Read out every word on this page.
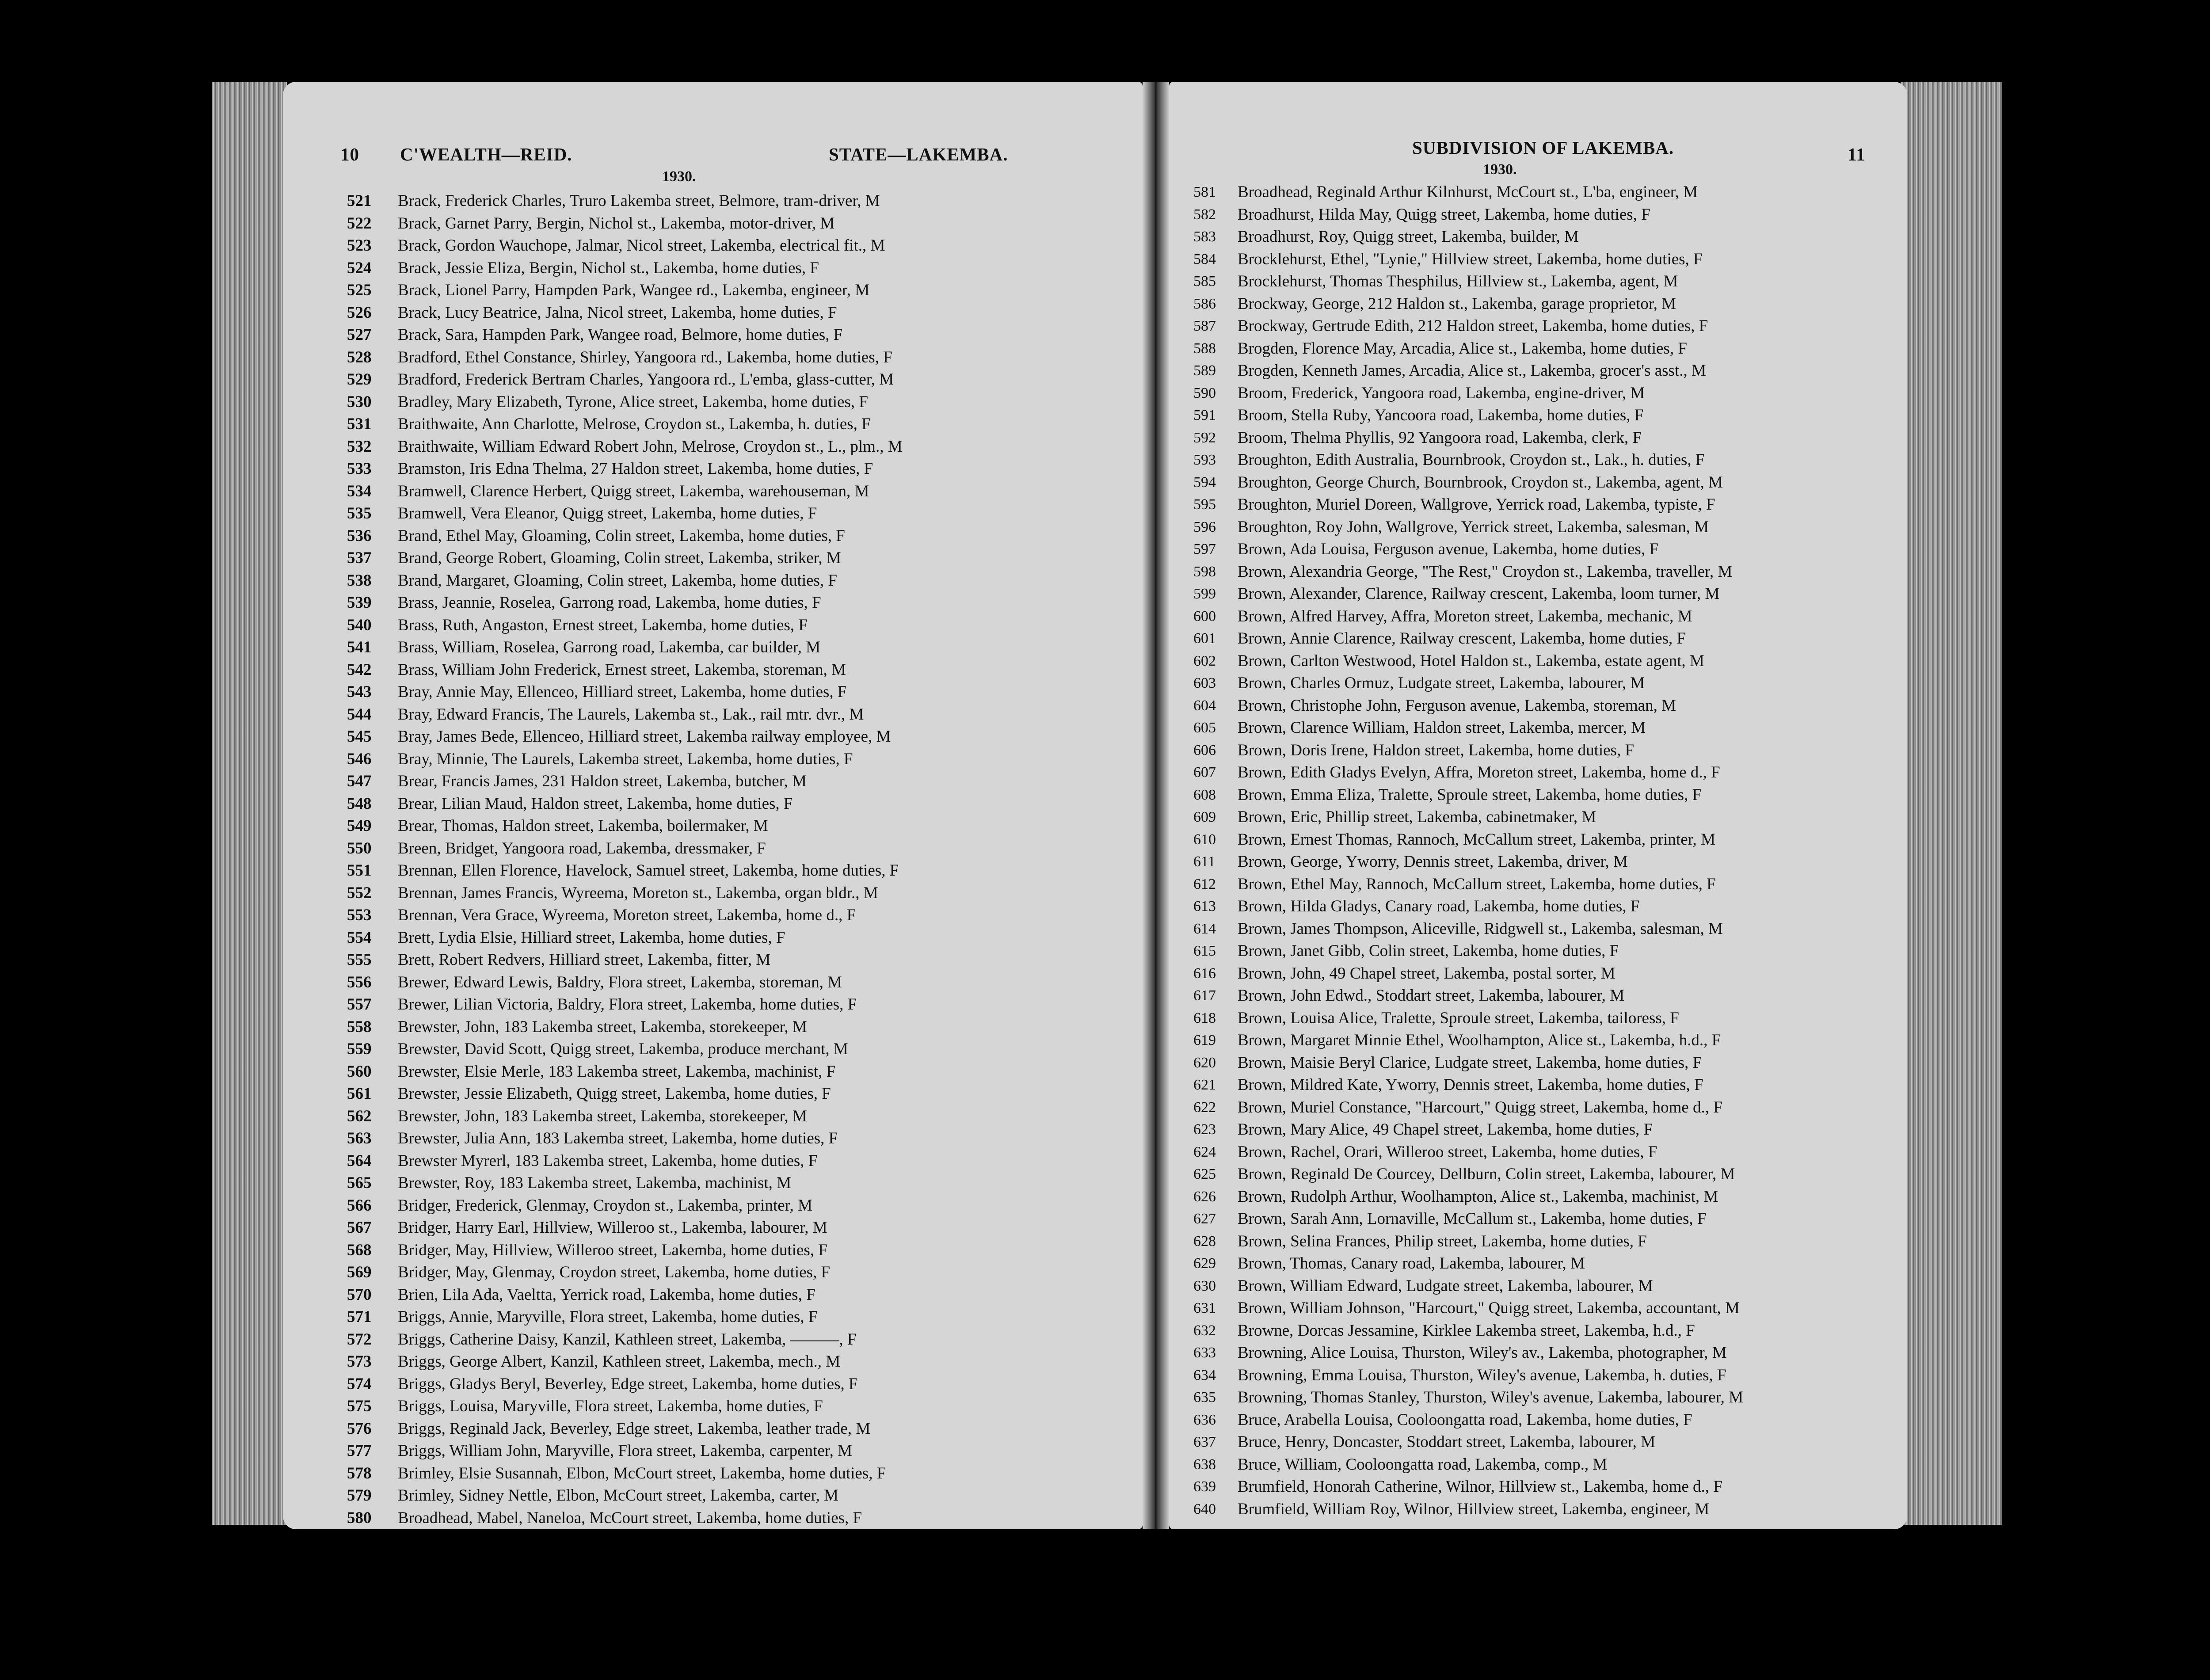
10 C'WEALTH—REID.	STATE—LAKEMBA.
1930.
521	Brack, Frederick Charles, Truro Lakemba street, Belmore, tram-driver, M
522	Brack, Garnet Parry, Bergin, Nichol st., Lakemba, motor-driver, M
523	Brack, Gordon Wauchope, Jalmar, Nicol street, Lakemba, electrical fit., M
524	Brack, Jessie Eliza, Bergin, Nichol st., Lakemba, home duties, F
525	Brack, Lionel Parry, Hampden Park, Wangee rd., Lakemba, engineer, M
526	Brack, Lucy Beatrice, Jalna, Nicol street, Lakemba, home duties, F
527	Brack, Sara, Hampden Park, Wangee road, Belmore, home duties, F
528	Bradford, Ethel Constance, Shirley, Yangoora rd., Lakemba, home duties, F
529	Bradford, Frederick Bertram Charles, Yangoora rd., L'emba, glass-cutter, M
530	Bradley, Mary Elizabeth, Tyrone, Alice street, Lakemba, home duties, F
531	Braithwaite, Ann Charlotte, Melrose, Croydon st., Lakemba, h. duties, F
532	Braithwaite, William Edward Robert John, Melrose, Croydon st., L., plm., M
533	Bramston, Iris Edna Thelma, 27 Haldon street, Lakemba, home duties, F
534	Bramwell, Clarence Herbert, Quigg street, Lakemba, warehouseman, M
535	Bramwell, Vera Eleanor, Quigg street, Lakemba, home duties, F
536	Brand, Ethel May, Gloaming, Colin street, Lakemba, home duties, F
537	Brand, George Robert, Gloaming, Colin street, Lakemba, striker, M
538	Brand, Margaret, Gloaming, Colin street, Lakemba, home duties, F
539	Brass, Jeannie, Roselea, Garrong road, Lakemba, home duties, F
540	Brass, Ruth, Angaston, Ernest street, Lakemba, home duties, F
541	Brass, William, Roselea, Garrong road, Lakemba, car builder, M
542	Brass, William John Frederick, Ernest street, Lakemba, storeman, M
543	Bray, Annie May, Ellenceo, Hilliard street, Lakemba, home duties, F
544	Bray, Edward Francis, The Laurels, Lakemba st., Lak., rail mtr. dvr., M
545	Bray, James Bede, Ellenceo, Hilliard street, Lakemba railway employee, M
546	Bray, Minnie, The Laurels, Lakemba street, Lakemba, home duties, F
547	Brear, Francis James, 231 Haldon street, Lakemba, butcher, M
548	Brear, Lilian Maud, Haldon street, Lakemba, home duties, F
549	Brear, Thomas, Haldon street, Lakemba, boilermaker, M
550	Breen, Bridget, Yangoora road, Lakemba, dressmaker, F
551	Brennan, Ellen Florence, Havelock, Samuel street, Lakemba, home duties, F
552	Brennan, James Francis, Wyreema, Moreton st., Lakemba, organ bldr., M
553	Brennan, Vera Grace, Wyreema, Moreton street, Lakemba, home d., F
554	Brett, Lydia Elsie, Hilliard street, Lakemba, home duties, F
555	Brett, Robert Redvers, Hilliard street, Lakemba, fitter, M
556	Brewer, Edward Lewis, Baldry, Flora street, Lakemba, storeman, M
557	Brewer, Lilian Victoria, Baldry, Flora street, Lakemba, home duties, F
558	Brewster, John, 183 Lakemba street, Lakemba, storekeeper, M
559	Brewster, David Scott, Quigg street, Lakemba, produce merchant, M
560	Brewster, Elsie Merle, 183 Lakemba street, Lakemba, machinist, F
561	Brewster, Jessie Elizabeth, Quigg street, Lakemba, home duties, F
562	Brewster, John, 183 Lakemba street, Lakemba, storekeeper, M
563	Brewster, Julia Ann, 183 Lakemba street, Lakemba, home duties, F
564	Brewster Myrerl, 183 Lakemba street, Lakemba, home duties, F
565	Brewster, Roy, 183 Lakemba street, Lakemba, machinist, M
566	Bridger, Frederick, Glenmay, Croydon st., Lakemba, printer, M
567	Bridger, Harry Earl, Hillview, Willeroo st., Lakemba, labourer, M
568	Bridger, May, Hillview, Willeroo street, Lakemba, home duties, F
569	Bridger, May, Glenmay, Croydon street, Lakemba, home duties, F
570	Brien, Lila Ada, Vaeltta, Yerrick road, Lakemba, home duties, F
571	Briggs, Annie, Maryville, Flora street, Lakemba, home duties, F
572	Briggs, Catherine Daisy, Kanzil, Kathleen street, Lakemba, ———, F
573	Briggs, George Albert, Kanzil, Kathleen street, Lakemba, mech., M
574	Briggs, Gladys Beryl, Beverley, Edge street, Lakemba, home duties, F
575	Briggs, Louisa, Maryville, Flora street, Lakemba, home duties, F
576	Briggs, Reginald Jack, Beverley, Edge street, Lakemba, leather trade, M
577	Briggs, William John, Maryville, Flora street, Lakemba, carpenter, M
578	Brimley, Elsie Susannah, Elbon, McCourt street, Lakemba, home duties, F
579	Brimley, Sidney Nettle, Elbon, McCourt street, Lakemba, carter, M
580	Broadhead, Mabel, Naneloa, McCourt street, Lakemba, home duties, F
SUBDIVISION OF LAKEMBA.	11
1930.
581	Broadhead, Reginald Arthur Kilnhurst, McCourt st., L'ba, engineer, M
582	Broadhurst, Hilda May, Quigg street, Lakemba, home duties, F
583	Broadhurst, Roy, Quigg street, Lakemba, builder, M
584	Brocklehurst, Ethel, "Lynie," Hillview street, Lakemba, home duties, F
585	Brocklehurst, Thomas Thesphilus, Hillview st., Lakemba, agent, M
586	Brockway, George, 212 Haldon st., Lakemba, garage proprietor, M
587	Brockway, Gertrude Edith, 212 Haldon street, Lakemba, home duties, F
588	Brogden, Florence May, Arcadia, Alice st., Lakemba, home duties, F
589	Brogden, Kenneth James, Arcadia, Alice st., Lakemba, grocer's asst., M
590	Broom, Frederick, Yangoora road, Lakemba, engine-driver, M
591	Broom, Stella Ruby, Yancoora road, Lakemba, home duties, F
592	Broom, Thelma Phyllis, 92 Yangoora road, Lakemba, clerk, F
593	Broughton, Edith Australia, Bournbrook, Croydon st., Lak., h. duties, F
594	Broughton, George Church, Bournbrook, Croydon st., Lakemba, agent, M
595	Broughton, Muriel Doreen, Wallgrove, Yerrick road, Lakemba, typiste, F
596	Broughton, Roy John, Wallgrove, Yerrick street, Lakemba, salesman, M
597	Brown, Ada Louisa, Ferguson avenue, Lakemba, home duties, F
598	Brown, Alexandria George, "The Rest," Croydon st., Lakemba, traveller, M
599	Brown, Alexander, Clarence, Railway crescent, Lakemba, loom turner, M
600	Brown, Alfred Harvey, Affra, Moreton street, Lakemba, mechanic, M
601	Brown, Annie Clarence, Railway crescent, Lakemba, home duties, F
602	Brown, Carlton Westwood, Hotel Haldon st., Lakemba, estate agent, M
603	Brown, Charles Ormuz, Ludgate street, Lakemba, labourer, M
604	Brown, Christophe John, Ferguson avenue, Lakemba, storeman, M
605	Brown, Clarence William, Haldon street, Lakemba, mercer, M
606	Brown, Doris Irene, Haldon street, Lakemba, home duties, F
607	Brown, Edith Gladys Evelyn, Affra, Moreton street, Lakemba, home d., F
608	Brown, Emma Eliza, Tralette, Sproule street, Lakemba, home duties, F
609	Brown, Eric, Phillip street, Lakemba, cabinetmaker, M
610	Brown, Ernest Thomas, Rannoch, McCallum street, Lakemba, printer, M
611	Brown, George, Yworry, Dennis street, Lakemba, driver, M
612	Brown, Ethel May, Rannoch, McCallum street, Lakemba, home duties, F
613	Brown, Hilda Gladys, Canary road, Lakemba, home duties, F
614	Brown, James Thompson, Aliceville, Ridgwell st., Lakemba, salesman, M
615	Brown, Janet Gibb, Colin street, Lakemba, home duties, F
616	Brown, John, 49 Chapel street, Lakemba, postal sorter, M
617	Brown, John Edwd., Stoddart street, Lakemba, labourer, M
618	Brown, Louisa Alice, Tralette, Sproule street, Lakemba, tailoress, F
619	Brown, Margaret Minnie Ethel, Woolhampton, Alice st., Lakemba, h.d., F
620	Brown, Maisie Beryl Clarice, Ludgate street, Lakemba, home duties, F
621	Brown, Mildred Kate, Yworry, Dennis street, Lakemba, home duties, F
622	Brown, Muriel Constance, "Harcourt," Quigg street, Lakemba, home d., F
623	Brown, Mary Alice, 49 Chapel street, Lakemba, home duties, F
624	Brown, Rachel, Orari, Willeroo street, Lakemba, home duties, F
625	Brown, Reginald De Courcey, Dellburn, Colin street, Lakemba, labourer, M
626	Brown, Rudolph Arthur, Woolhampton, Alice st., Lakemba, machinist, M
627	Brown, Sarah Ann, Lornaville, McCallum st., Lakemba, home duties, F
628	Brown, Selina Frances, Philip street, Lakemba, home duties, F
629	Brown, Thomas, Canary road, Lakemba, labourer, M
630	Brown, William Edward, Ludgate street, Lakemba, labourer, M
631	Brown, William Johnson, "Harcourt," Quigg street, Lakemba, accountant, M
632	Browne, Dorcas Jessamine, Kirklee Lakemba street, Lakemba, h.d., F
633	Browning, Alice Louisa, Thurston, Wiley's av., Lakemba, photographer, M
634	Browning, Emma Louisa, Thurston, Wiley's avenue, Lakemba, h. duties, F
635	Browning, Thomas Stanley, Thurston, Wiley's avenue, Lakemba, labourer, M
636	Bruce, Arabella Louisa, Cooloongatta road, Lakemba, home duties, F
637	Bruce, Henry, Doncaster, Stoddart street, Lakemba, labourer, M
638	Bruce, William, Cooloongatta road, Lakemba, comp., M
639	Brumfield, Honorah Catherine, Wilnor, Hillview st., Lakemba, home d., F
640	Brumfield, William Roy, Wilnor, Hillview street, Lakemba, engineer, M
